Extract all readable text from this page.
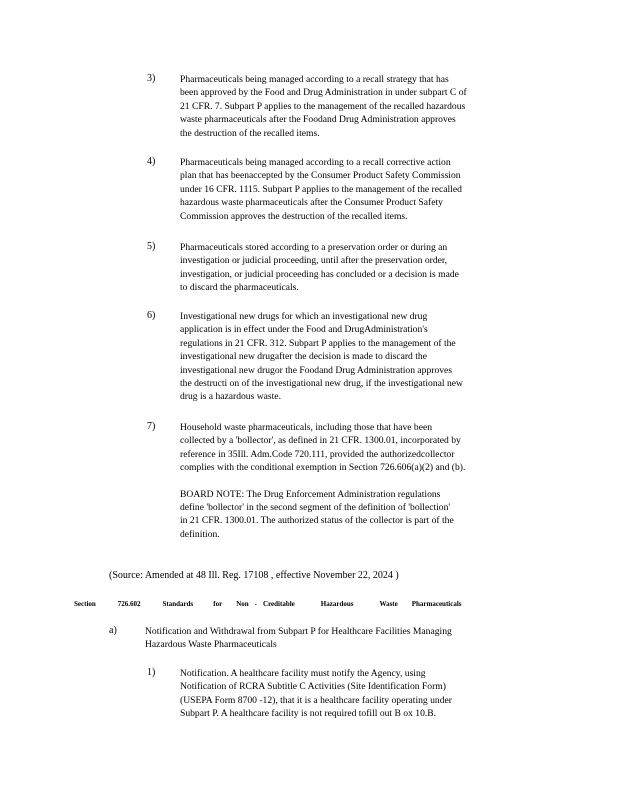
3)	Pharmaceuticals being managed according to a recall strategy that has
been approved by the Food and Drug Administration in under subpart C of
21 CFR. 7. Subpart P applies to the management of the recalled hazardous
waste pharmaceuticals after the Foodand Drug Administration approves
the destruction of the recalled items.
4)	Pharmaceuticals being managed according to a recall corrective action
plan that has beenaccepted by the Consumer Product Safety Commission
under 16 CFR. 1115. Subpart P applies to the management of the recalled
hazardous waste pharmaceuticals after the Consumer Product Safety
Commission approves the destruction of the recalled items.
5)	Pharmaceuticals stored according to a preservation order or during an
investigation or judicial proceeding, until after the preservation order,
investigation, or judicial proceeding has concluded or a decision is made
to discard the pharmaceuticals.
6)	Investigational new drugs for which an investigational new drug
application is in effect under the Food and DrugAdministration's
regulations in 21 CFR. 312. Subpart P applies to the management of the
investigational new drugafter the decision is made to discard the
investigational new drugor the Foodand Drug Administration approves
the destructi on of the investigational new drug, if the investigational new
drug is a hazardous waste.
7)	Household waste pharmaceuticals, including those that have been
collected by a 'bollector', as defined in 21 CFR. 1300.01, incorporated by
reference in 35Ill. Adm.Code 720.111, provided the authorizedcollector
complies with the conditional exemption in Section 726.606(a)(2) and (b).
BOARD NOTE: The Drug Enforcement Administration regulations
define 'bollector' in the second segment of the definition of 'bollection'
in 21 CFR. 1300.01. The authorized status of the collector is part of the
definition.
(Source: Amended at 48 Ill. Reg. 17108 , effective November 22, 2024 )
Section	726.602	Standards	for Non - Creditable	Hazardous	Waste Pharmaceuticals
a)	Notification and Withdrawal from Subpart P for Healthcare Facilities Managing
Hazardous Waste Pharmaceuticals
1)	Notification. A healthcare facility must notify the Agency, using
Notification of RCRA Subtitle C Activities (Site Identification Form)
(USEPA Form 8700 -12), that it is a healthcare facility operating under
Subpart P. A healthcare facility is not required tofill out B ox 10.B.
